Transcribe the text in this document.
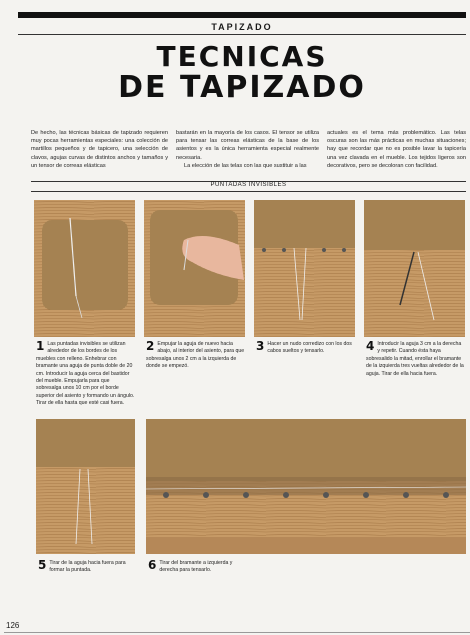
TAPIZADO
TECNICAS
DE TAPIZADO
De hecho, las técnicas básicas de tapizado requieren muy pocas herramientas especiales: una colección de martillos pequeños y de tapicero, una selección de clavos, agujas curvas de distintos anchos y tamaños y un tensor de correas elásticas
bastarán en la mayoría de los casos. El tensor se utiliza para tensar las correas elásticas de la base de los asientos y es la única herramienta especial realmente necesaria.
La elección de las telas con las que sustituir a las
actuales es el tema más problemático. Las telas oscuras son las más prácticas en muchas situaciones; hay que recordar que no es posible lavar la tapicería una vez clavada en el mueble. Los tejidos ligeros son decorativos, pero se decoloran con facilidad.
PUNTADAS INVISIBLES
1 Las puntadas invisibles se utilizan alrededor de los bordes de los muebles con relleno. Enhebrar con bramante una aguja de punta doble de 20 cm. Introducir la aguja cerca del bastidor del mueble. Empujarla para que sobresalga unos 10 cm por el borde superior del asiento y formando un ángulo. Tirar de ella hasta que esté casi fuera.
2 Empujar la aguja de nuevo hacia abajo, al interior del asiento, para que sobresalga unos 2 cm a la izquierda de donde se empezó.
3 Hacer un nudo corredizo con los dos cabos sueltos y tensarlo.	4 Introducir la aguja 3 cm a la derecha y repetir. Cuando ésta haya sobresalido la mitad, enrollar el bramante de la izquierda tres vueltas alrededor de la aguja. Tirar de ella hacia fuera.
5 Tirar de la aguja hacia fuera para formar la puntada.	6 Tirar del bramante a izquierda y derecha para tensarlo.
126
